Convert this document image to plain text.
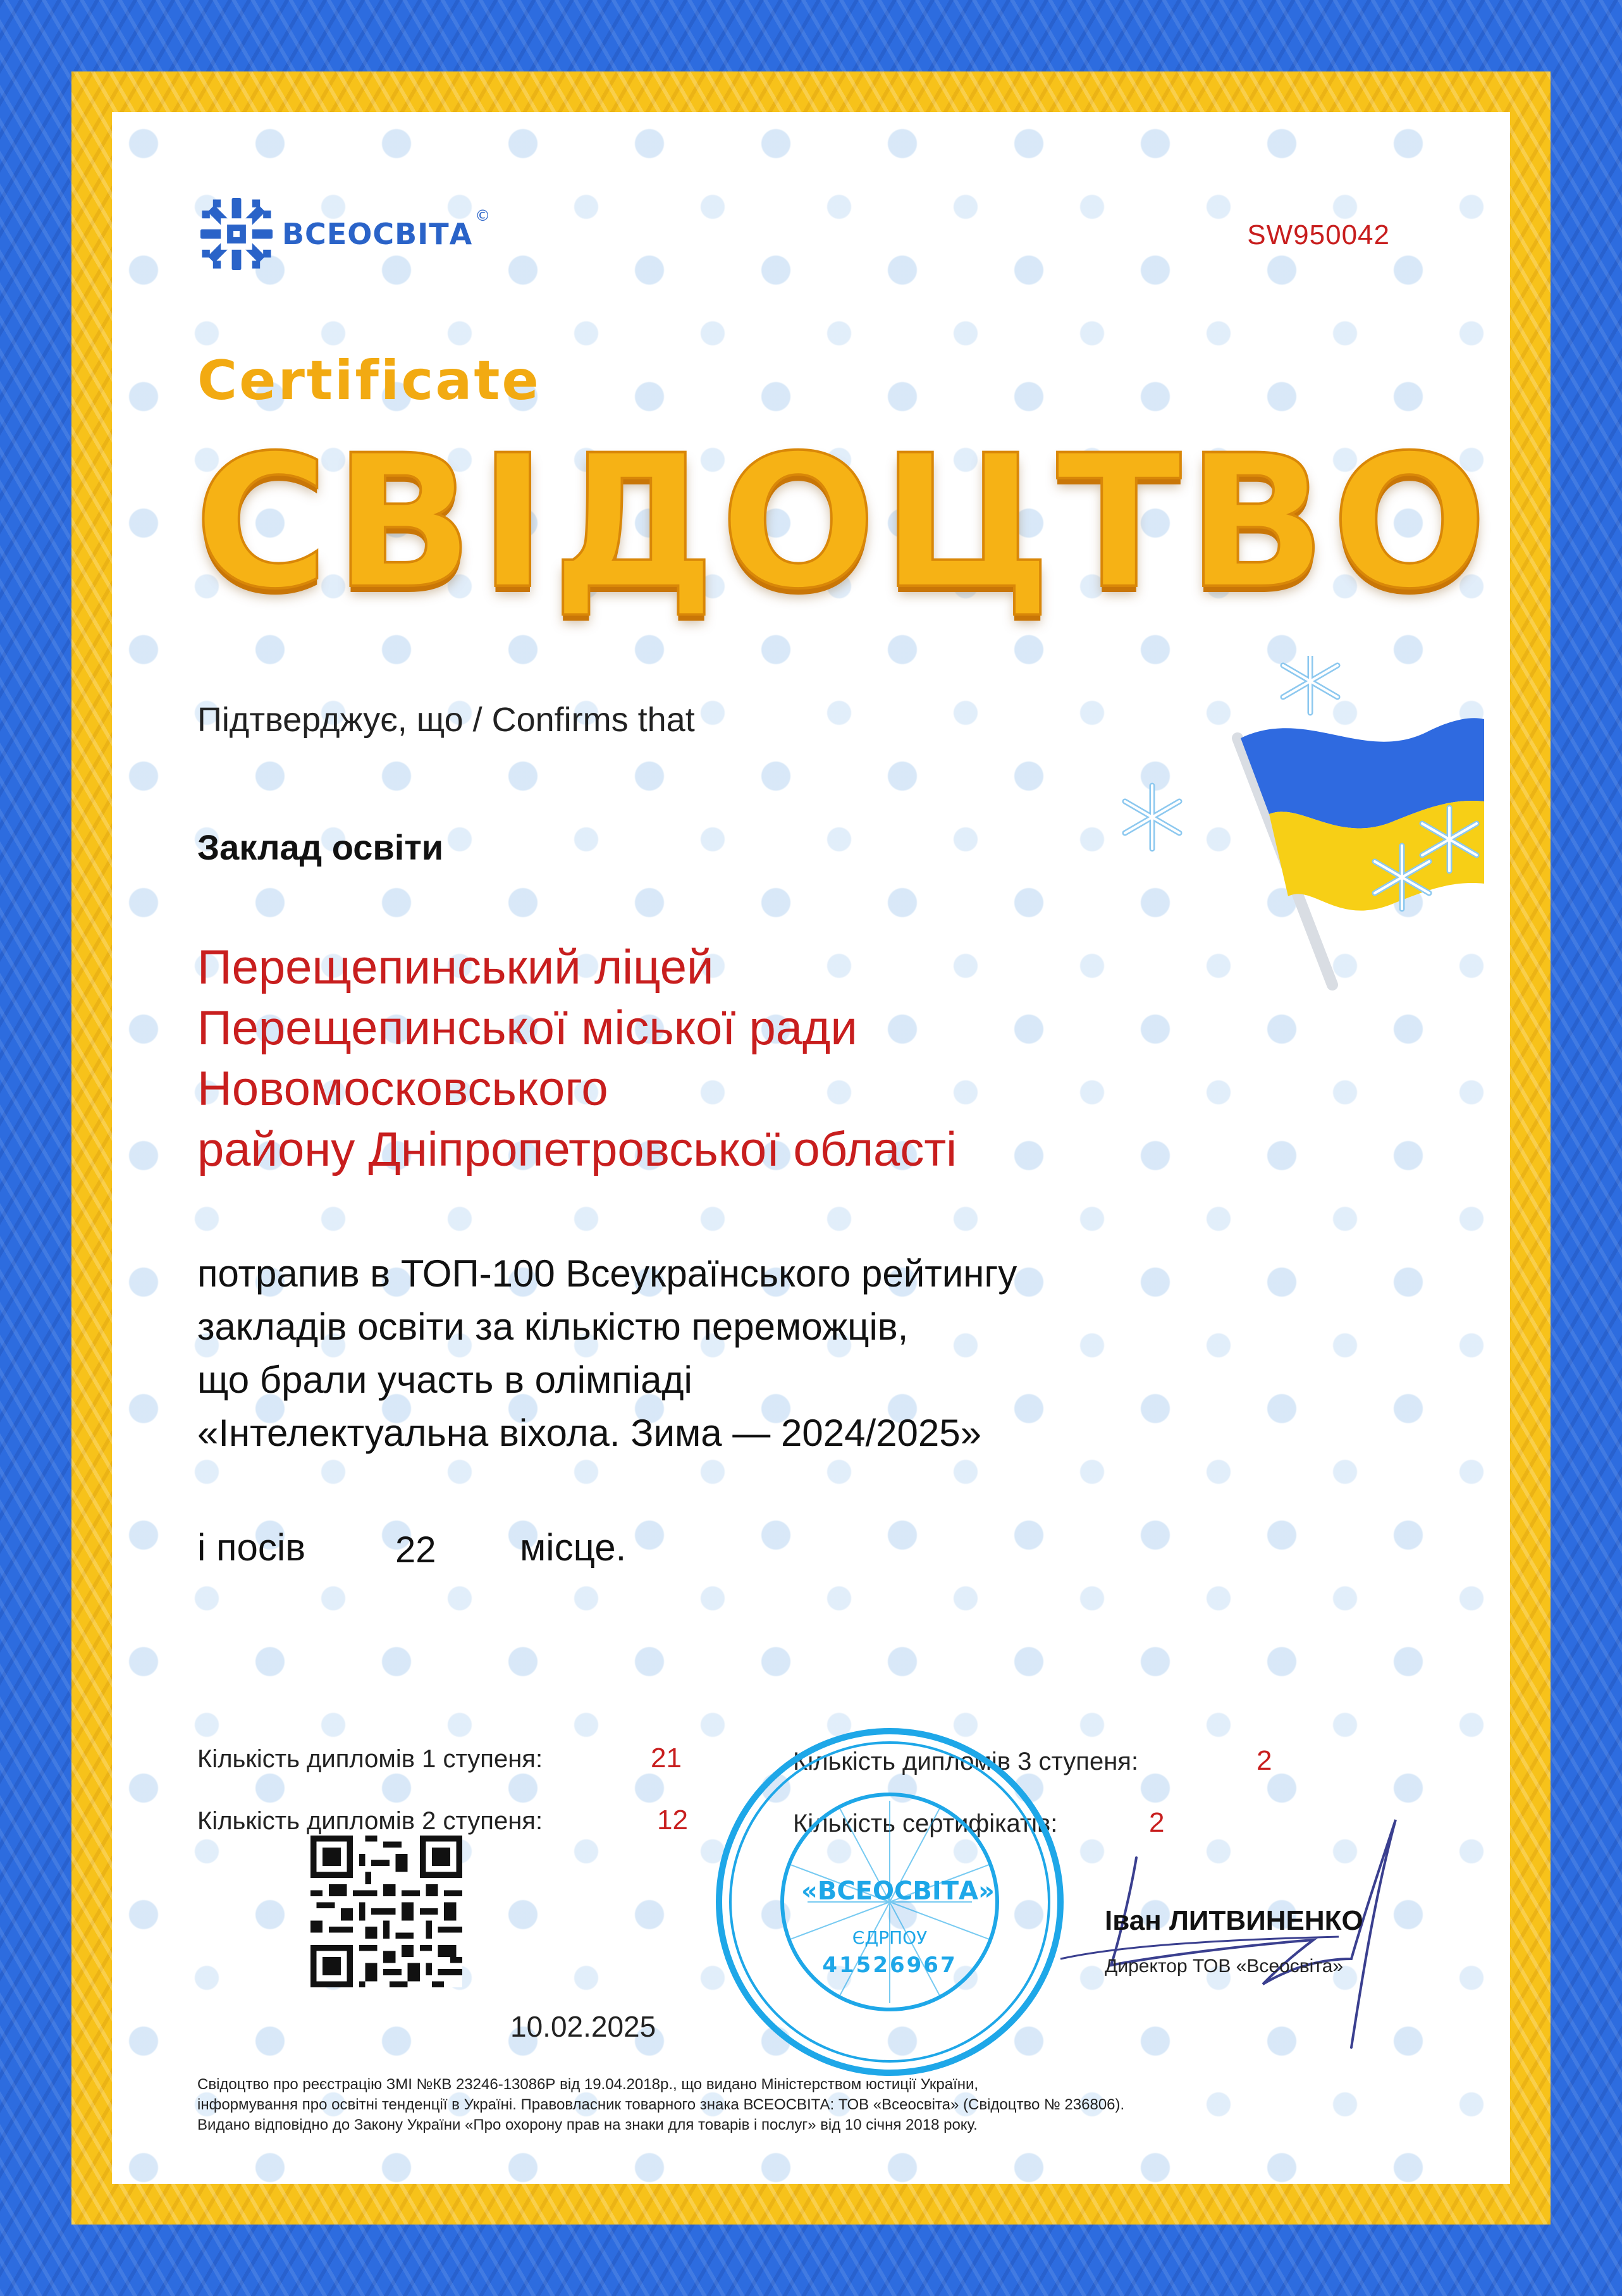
ВСЕОСВІТА
©
SW950042
Certificate
СВІДОЦТВО
Підтверджує, що / Confirms that
Заклад освіти
Перещепинський ліцей
Перещепинської міської ради
Новомосковського
району Дніпропетровської області
потрапив в ТОП-100 Всеукраїнського рейтингу
закладів освіти за кількістю переможців,
що брали участь в олімпіаді
«Інтелектуальна віхола. Зима — 2024/2025»
і посів 22 місце.
Кількість дипломів 1 ступеня:	21
Кількість дипломів 2 ступеня:	12
Кількість дипломів 3 ступеня:	2
Кількість сертифікатів:	2
10.02.2025
«ВСЕОСВІТА»
ЄДРПОУ
41526967
Іван ЛИТВИНЕНКО
Директор ТОВ «Всеосвіта»
Свідоцтво про реєстрацію ЗМІ №КВ 23246-13086Р від 19.04.2018р., що видано Міністерством юстиції України,
інформування про освітні тенденції в Україні. Правовласник товарного знака ВСЕОСВІТА: ТОВ «Всеосвіта» (Свідоцтво № 236806).
Видано відповідно до Закону України «Про охорону прав на знаки для товарів і послуг» від 10 січня 2018 року.
